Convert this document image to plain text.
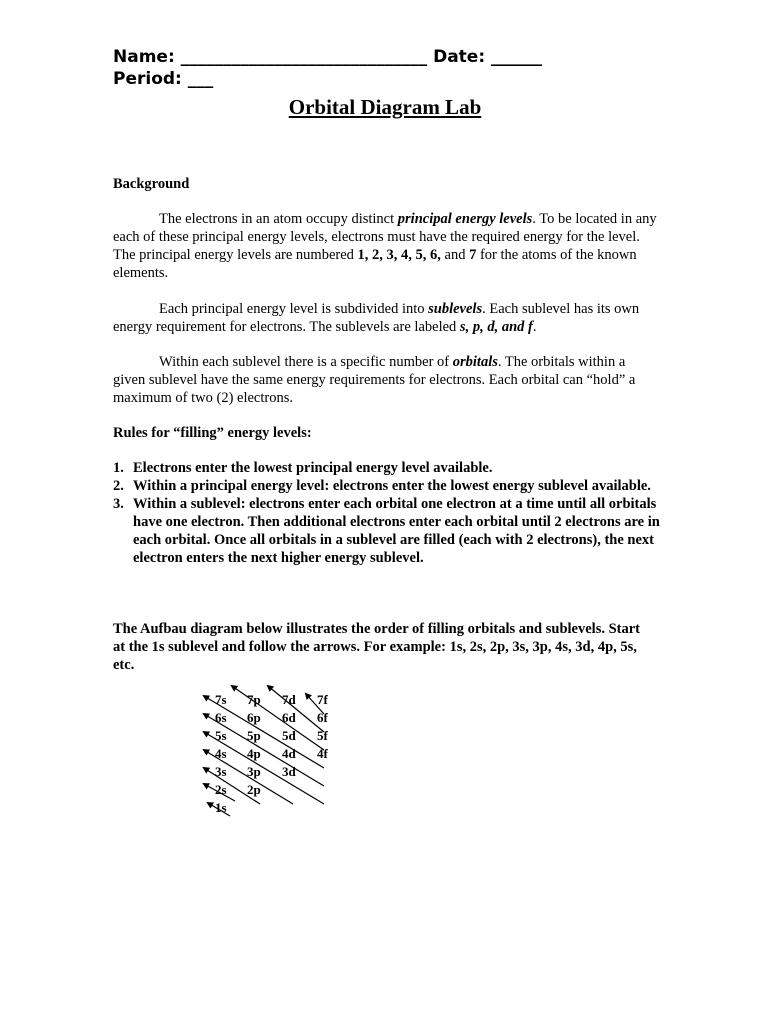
Name: _____________________________ Date: ______
Period: ___
Orbital Diagram Lab
Background
The electrons in an atom occupy distinct principal energy levels. To be located in any each of these principal energy levels, electrons must have the required energy for the level. The principal energy levels are numbered 1, 2, 3, 4, 5, 6, and 7 for the atoms of the known elements.
Each principal energy level is subdivided into sublevels. Each sublevel has its own energy requirement for electrons. The sublevels are labeled s, p, d, and f.
Within each sublevel there is a specific number of orbitals. The orbitals within a given sublevel have the same energy requirements for electrons. Each orbital can “hold” a maximum of two (2) electrons.
Rules for “filling” energy levels:
1. Electrons enter the lowest principal energy level available.
2. Within a principal energy level: electrons enter the lowest energy sublevel available.
3. Within a sublevel: electrons enter each orbital one electron at a time until all orbitals have one electron. Then additional electrons enter each orbital until 2 electrons are in each orbital. Once all orbitals in a sublevel are filled (each with 2 electrons), the next electron enters the next higher energy sublevel.
The Aufbau diagram below illustrates the order of filling orbitals and sublevels. Start at the 1s sublevel and follow the arrows. For example: 1s, 2s, 2p, 3s, 3p, 4s, 3d, 4p, 5s, etc.
7s
6s
5s
4s
3s
2s
1s
7p
6p
5p
4p
3p
2p
7d
6d
5d
4d
3d
7f
6f
5f
4f
